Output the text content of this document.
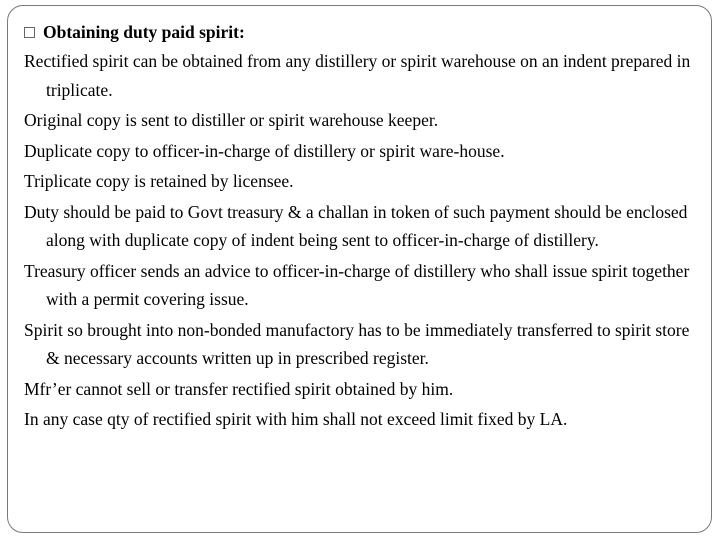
Obtaining duty paid spirit:
Rectified spirit can be obtained from any distillery or spirit warehouse on an indent prepared in triplicate.
Original copy is sent to distiller or spirit warehouse keeper.
Duplicate copy to officer-in-charge of distillery or spirit ware-house.
Triplicate copy is retained by licensee.
Duty should be paid to Govt treasury & a challan in token of such payment should be enclosed along with duplicate copy of indent being sent to officer-in-charge of distillery.
Treasury officer sends an advice to officer-in-charge of distillery who shall issue spirit together with a permit covering issue.
Spirit so brought into non-bonded manufactory has to be immediately transferred to spirit store & necessary accounts written up in prescribed register.
Mfr’er cannot sell or transfer rectified spirit obtained by him.
In any case qty of rectified spirit with him shall not exceed limit fixed by LA.
